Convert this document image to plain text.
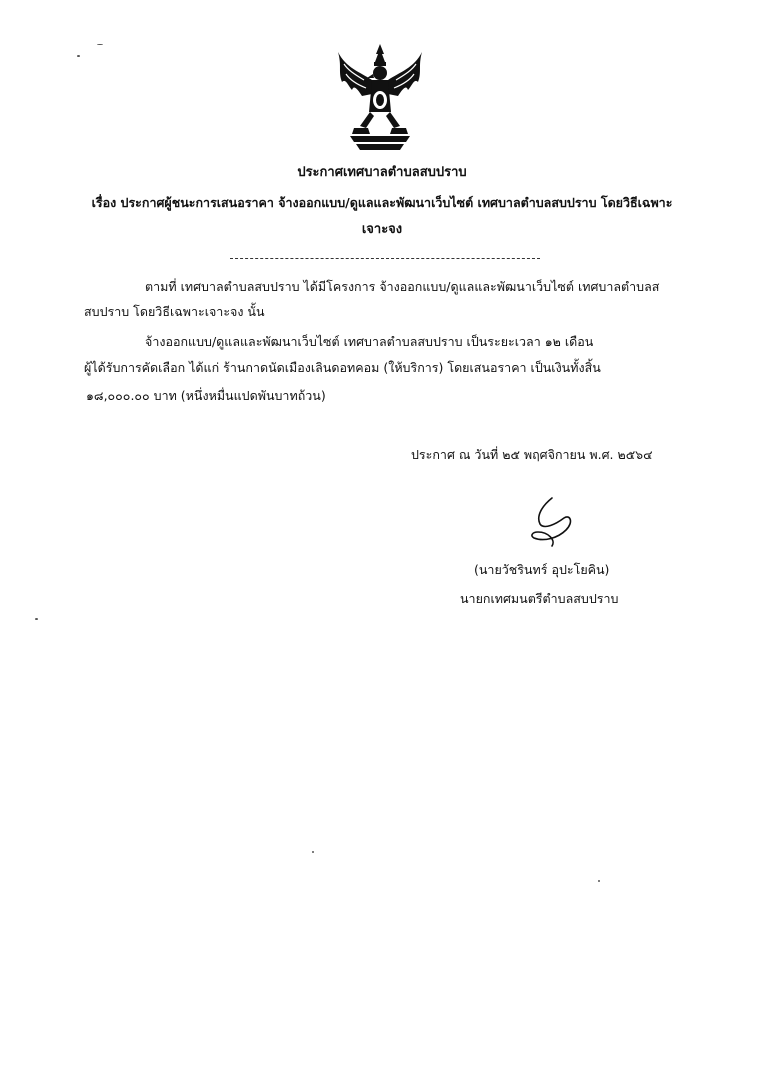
ประกาศเทศบาลตำบลสบปราบ
เรื่อง ประกาศผู้ชนะการเสนอราคา จ้างออกแบบ/ดูแลและพัฒนาเว็บไซต์ เทศบาลตำบลสบปราบ โดยวิธีเฉพาะ
เจาะจง
ตามที่ เทศบาลตำบลสบปราบ ได้มีโครงการ จ้างออกแบบ/ดูแลและพัฒนาเว็บไซต์ เทศบาลตำบลส
สบปราบ โดยวิธีเฉพาะเจาะจง นั้น
จ้างออกแบบ/ดูแลและพัฒนาเว็บไซต์ เทศบาลตำบลสบปราบ เป็นระยะเวลา ๑๒ เดือน
ผู้ได้รับการคัดเลือก ได้แก่ ร้านกาดนัดเมืองเลินดอทคอม (ให้บริการ) โดยเสนอราคา เป็นเงินทั้งสิ้น
๑๘,๐๐๐.๐๐ บาท (หนึ่งหมื่นแปดพันบาทถ้วน)
ประกาศ ณ วันที่ ๒๕ พฤศจิกายน พ.ศ. ๒๕๖๔
(นายวัชรินทร์ อุปะโยคิน)
นายกเทศมนตรีตำบลสบปราบ
